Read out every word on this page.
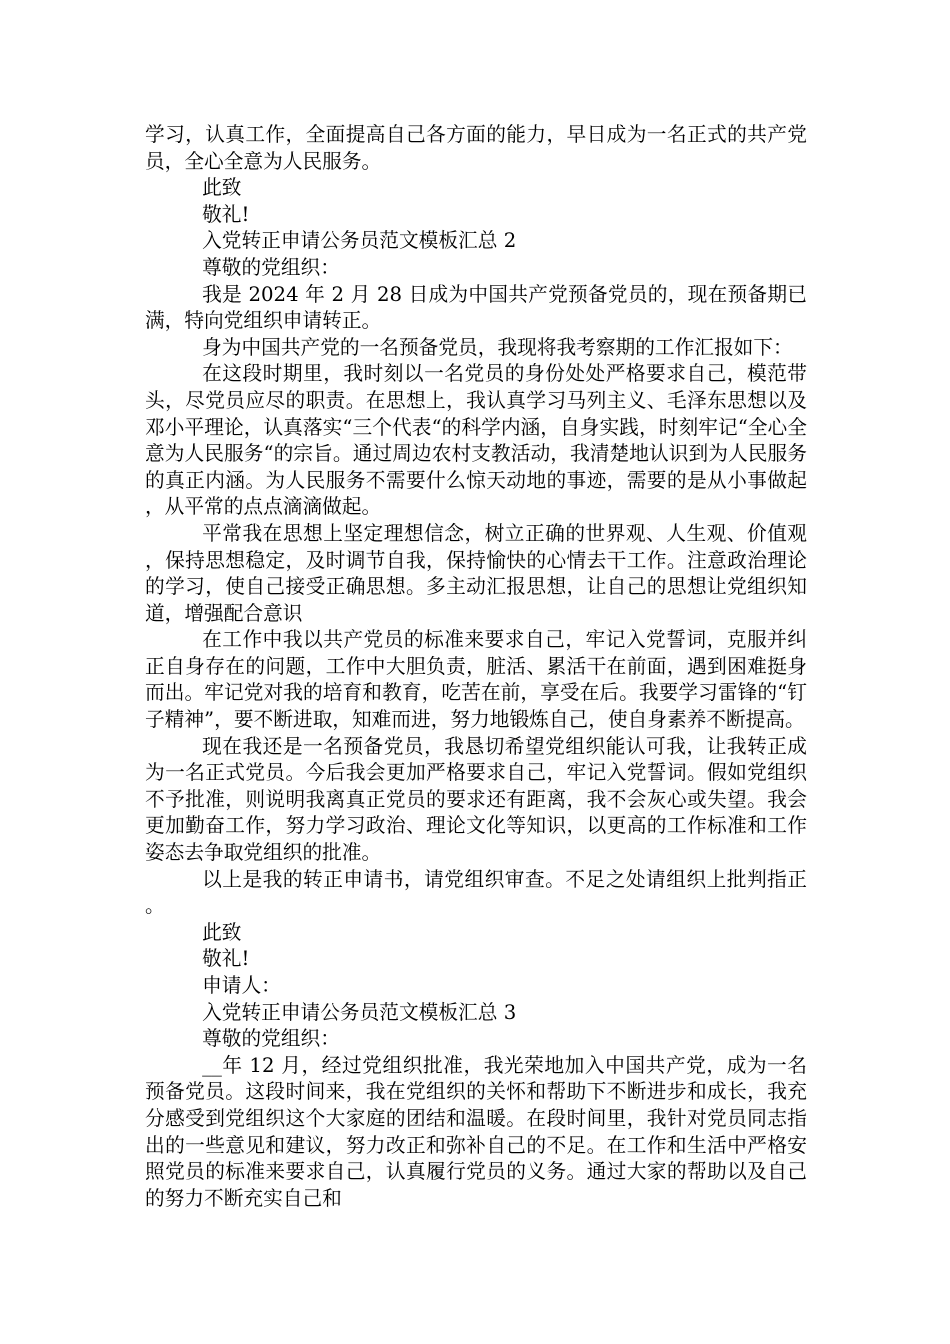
学习，认真工作，全面提高自己各方面的能力，早日成为一名正式的共产党员，全心全意为人民服务。

此致

敬礼!

入党转正申请公务员范文模板汇总 2

尊敬的党组织：

我是 2024 年 2 月 28 日成为中国共产党预备党员的，现在预备期已满，特向党组织申请转正。

身为中国共产党的一名预备党员，我现将我考察期的工作汇报如下：

在这段时期里，我时刻以一名党员的身份处处严格要求自己，模范带头，尽党员应尽的职责。在思想上，我认真学习马列主义、毛泽东思想以及邓小平理论，认真落实“三个代表“的科学内涵，自身实践，时刻牢记“全心全意为人民服务“的宗旨。通过周边农村支教活动，我清楚地认识到为人民服务的真正内涵。为人民服务不需要什么惊天动地的事迹，需要的是从小事做起，从平常的点点滴滴做起。

平常我在思想上坚定理想信念，树立正确的世界观、人生观、价值观，保持思想稳定，及时调节自我，保持愉快的心情去干工作。注意政治理论的学习，使自己接受正确思想。多主动汇报思想，让自己的思想让党组织知道，增强配合意识

在工作中我以共产党员的标准来要求自己，牢记入党誓词，克服并纠正自身存在的问题，工作中大胆负责，脏活、累活干在前面，遇到困难挺身而出。牢记党对我的培育和教育，吃苦在前，享受在后。我要学习雷锋的“钉子精神”，要不断进取，知难而进，努力地锻炼自己，使自身素养不断提高。

现在我还是一名预备党员，我恳切希望党组织能认可我，让我转正成为一名正式党员。今后我会更加严格要求自己，牢记入党誓词。假如党组织不予批准，则说明我离真正党员的要求还有距离，我不会灰心或失望。我会更加勤奋工作，努力学习政治、理论文化等知识，以更高的工作标准和工作姿态去争取党组织的批准。

以上是我的转正申请书，请党组织审查。不足之处请组织上批判指正。

此致

敬礼!

申请人：

入党转正申请公务员范文模板汇总 3

尊敬的党组织：

__年 12 月，经过党组织批准，我光荣地加入中国共产党，成为一名预备党员。这段时间来，我在党组织的关怀和帮助下不断进步和成长，我充分感受到党组织这个大家庭的团结和温暖。在段时间里，我针对党员同志指出的一些意见和建议，努力改正和弥补自己的不足。在工作和生活中严格安照党员的标准来要求自己，认真履行党员的义务。通过大家的帮助以及自己的努力不断充实自己和
